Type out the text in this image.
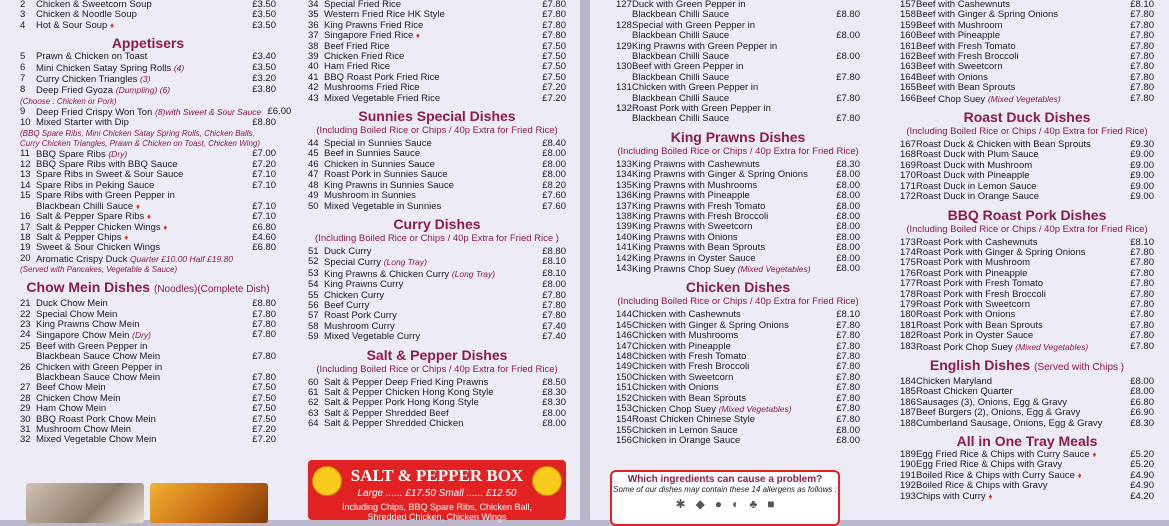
2	Chicken & Sweetcorn Soup	£3.50
3	Chicken & Noodle Soup	£3.50
4	Hot & Sour Soup ♦	£3.50
Appetisers
5	Prawn & Chicken on Toast	£3.40
6	Mini Chicken Satay Spring Rolls (4)	£3.50
7	Curry Chicken Triangles (3)	£3.20
8	Deep Fried Gyoza (Dumpling) (6)	£3.80
(Choose : Chicken or Pork)
9	Deep Fried Crispy Won Ton (8)with Sweet & Sour Sauce £6.00
10 Mixed Starter with Dip	£8.80
(BBQ Spare Ribs, Mini Chicken Satay Spring Rolls, Chicken Balls,
Curry Chicken Triangles, Prawn & Chicken on Toast, Chicken Wing)
11 BBQ Spare Ribs (Dry)	£7.00
12 BBQ Spare Ribs with BBQ Sauce	£7.20
13 Spare Ribs in Sweet & Sour Sauce	£7.10
14 Spare Ribs in Peking Sauce	£7.10
15 Spare Ribs with Green Pepper in
Blackbean Chilli Sauce ♦	£7.10
16 Salt & Pepper Spare Ribs ♦	£7.10
17 Salt & Pepper Chicken Wings ♦	£6.80
18 Salt & Pepper Chips ♦	£4.60
19 Sweet & Sour Chicken Wings	£6.80
20 Aromatic Crispy Duck Quarter £10.00 Half £19.80
(Served with Pancakes, Vegetable & Sauce)
Chow Mein Dishes (Noodles)(Complete Dish)
21 Duck Chow Mein	£8.80
22 Special Chow Mein	£7.80
23 King Prawns Chow Mein	£7.80
24 Singapore Chow Mein (Dry)	£7.80
25 Beef with Green Pepper in
Blackbean Sauce Chow Mein	£7.80
26 Chicken with Green Pepper in
Blackbean Sauce Chow Mein	£7.80
27 Beef Chow Mein	£7.50
28 Chicken Chow Mein	£7.50
29 Ham Chow Mein	£7.50
30 BBQ Roast Pork Chow Mein	£7.50
31 Mushroom Chow Mein	£7.20
32 Mixed Vegetable Chow Mein	£7.20
34 Special Fried Rice	£7.80
35 Western Fried Rice HK Style	£7.80
36 King Prawns Fried Rice	£7.80
37 Singapore Fried Rice ♦	£7.80
38 Beef Fried Rice	£7.50
39 Chicken Fried Rice	£7.50
40 Ham Fried Rice	£7.50
41 BBQ Roast Pork Fried Rice	£7.50
42 Mushrooms Fried Rice	£7.20
43 Mixed Vegetable Fried Rice	£7.20
Sunnies Special Dishes
(Including Boiled Rice or Chips / 40p Extra for Fried Rice)
44 Special in Sunnies Sauce	£8.40
45 Beef in Sunnies Sauce	£8.00
46 Chicken in Sunnies Sauce	£8.00
47 Roast Pork in Sunnies Sauce	£8.00
48 King Prawns in Sunnies Sauce	£8.20
49 Mushroom in Sunnies	£7.60
50 Mixed Vegetable in Sunnies	£7.60
Curry Dishes
(Including Boiled Rice or Chips / 40p Extra for Fried Rice )
51 Duck Curry	£8.80
52 Special Curry (Long Tray)	£8.10
53 King Prawns & Chicken Curry (Long Tray)	£8.10
54 King Prawns Curry	£8.00
55 Chicken Curry	£7.80
56 Beef Curry	£7.80
57 Roast Pork Curry	£7.80
58 Mushroom Curry	£7.40
59 Mixed Vegetable Curry	£7.40
Salt & Pepper Dishes
(Including Boiled Rice or Chips / 40p Extra for Fried Rice)
60 Salt & Pepper Deep Fried King Prawns	£8.50
61 Salt & Pepper Chicken Hong Kong Style	£8.30
62 Salt & Pepper Pork Hong Kong Style	£8.30
63 Salt & Pepper Shredded Beef	£8.00
64 Salt & Pepper Shredded Chicken	£8.00
SALT & PEPPER BOX
Large ...... £17.50 Small ...... £12.50
Including Chips, BBQ Spare Ribs, Chicken Ball,
Shredded Chicken, Chicken Wings
127 Duck with Green Pepper in
Blackbean Chilli Sauce	£8.80
128 Special with Green Pepper in
Blackbean Chilli Sauce	£8.00
129 King Prawns with Green Pepper in
Blackbean Chilli Sauce	£8.00
130 Beef with Green Pepper in
Blackbean Chilli Sauce	£7.80
131 Chicken with Green Pepper in
Blackbean Chilli Sauce	£7.80
132 Roast Pork with Green Pepper in
Blackbean Chilli Sauce	£7.80
King Prawns Dishes
(Including Boiled Rice or Chips / 40p Extra for Fried Rice)
133 King Prawns with Cashewnuts	£8.30
134 King Prawns with Ginger & Spring Onions	£8.00
135 King Prawns with Mushrooms	£8.00
136 King Prawns with Pineapple	£8.00
137 King Prawns with Fresh Tomato	£8.00
138 King Prawns with Fresh Broccoli	£8.00
139 King Prawns with Sweetcorn	£8.00
140 King Prawns with Onions	£8.00
141 King Prawns with Bean Sprouts	£8.00
142 King Prawns in Oyster Sauce	£8.00
143 King Prawns Chop Suey (Mixed Vegetables)	£8.00
Chicken Dishes
(Including Boiled Rice or Chips / 40p Extra for Fried Rice)
144 Chicken with Cashewnuts	£8.10
145 Chicken with Ginger & Spring Onions	£7.80
146 Chicken with Mushrooms	£7.80
147 Chicken with Pineapple	£7.80
148 Chicken with Fresh Tomato	£7.80
149 Chicken with Fresh Broccoli	£7.80
150 Chicken with Sweetcorn	£7.80
151 Chicken with Onions	£7.80
152 Chicken with Bean Sprouts	£7.80
153 Chicken Chop Suey (Mixed Vegetables)	£7.80
154 Roast Chicken Chinese Style	£7.80
155 Chicken in Lemon Sauce	£8.00
156 Chicken in Orange Sauce	£8.00
157 Beef with Cashewnuts	£8.10
158 Beef with Ginger & Spring Onions	£7.80
159 Beef with Mushroom	£7.80
160 Beef with Pineapple	£7.80
161 Beef with Fresh Tomato	£7.80
162 Beef with Fresh Broccoli	£7.80
163 Beef with Sweetcorn	£7.80
164 Beef with Onions	£7.80
165 Beef with Bean Sprouts	£7.80
166 Beef Chop Suey (Mixed Vegetables)	£7.80
Roast Duck Dishes
(Including Boiled Rice or Chips / 40p Extra for Fried Rice)
167 Roast Duck & Chicken with Bean Sprouts	£9.30
168 Roast Duck with Plum Sauce	£9.00
169 Roast Duck with Mushroom	£9.00
170 Roast Duck with Pineapple	£9.00
171 Roast Duck in Lemon Sauce	£9.00
172 Roast Duck in Orange Sauce	£9.00
BBQ Roast Pork Dishes
(Including Boiled Rice or Chips / 40p Extra for Fried Rice)
173 Roast Pork with Cashewnuts	£8.10
174 Roast Pork with Ginger & Spring Onions	£7.80
175 Roast Pork with Mushroom	£7.80
176 Roast Pork with Pineapple	£7.80
177 Roast Pork with Fresh Tomato	£7.80
178 Roast Pork with Fresh Broccoli	£7.80
179 Roast Pork with Sweetcorn	£7.80
180 Roast Pork with Onions	£7.80
181 Roast Pork with Bean Sprouts	£7.80
182 Roast Pork in Oyster Sauce	£7.80
183 Roast Pork Chop Suey (Mixed Vegetables)	£7.80
English Dishes (Served with Chips )
184 Chicken Maryland	£8.00
185 Roast Chicken Quarter	£8.00
186 Sausages (3), Onions, Egg & Gravy	£6.80
187 Beef Burgers (2), Onions, Egg & Gravy	£6.90
188 Cumberland Sausage, Onions, Egg & Gravy	£8.30
All in One Tray Meals
189 Egg Fried Rice & Chips with Curry Sauce ♦	£5.20
190 Egg Fried Rice & Chips with Gravy	£5.20
191 Boiled Rice & Chips with Curry Sauce ♦	£4.90
192 Boiled Rice & Chips with Gravy	£4.90
193 Chips with Curry ♦	£4.20
Which ingredients can cause a problem?
Some of our dishes may contain these 14 allergens as follows :
✱ ◆ ● ◐ ♣ ■
